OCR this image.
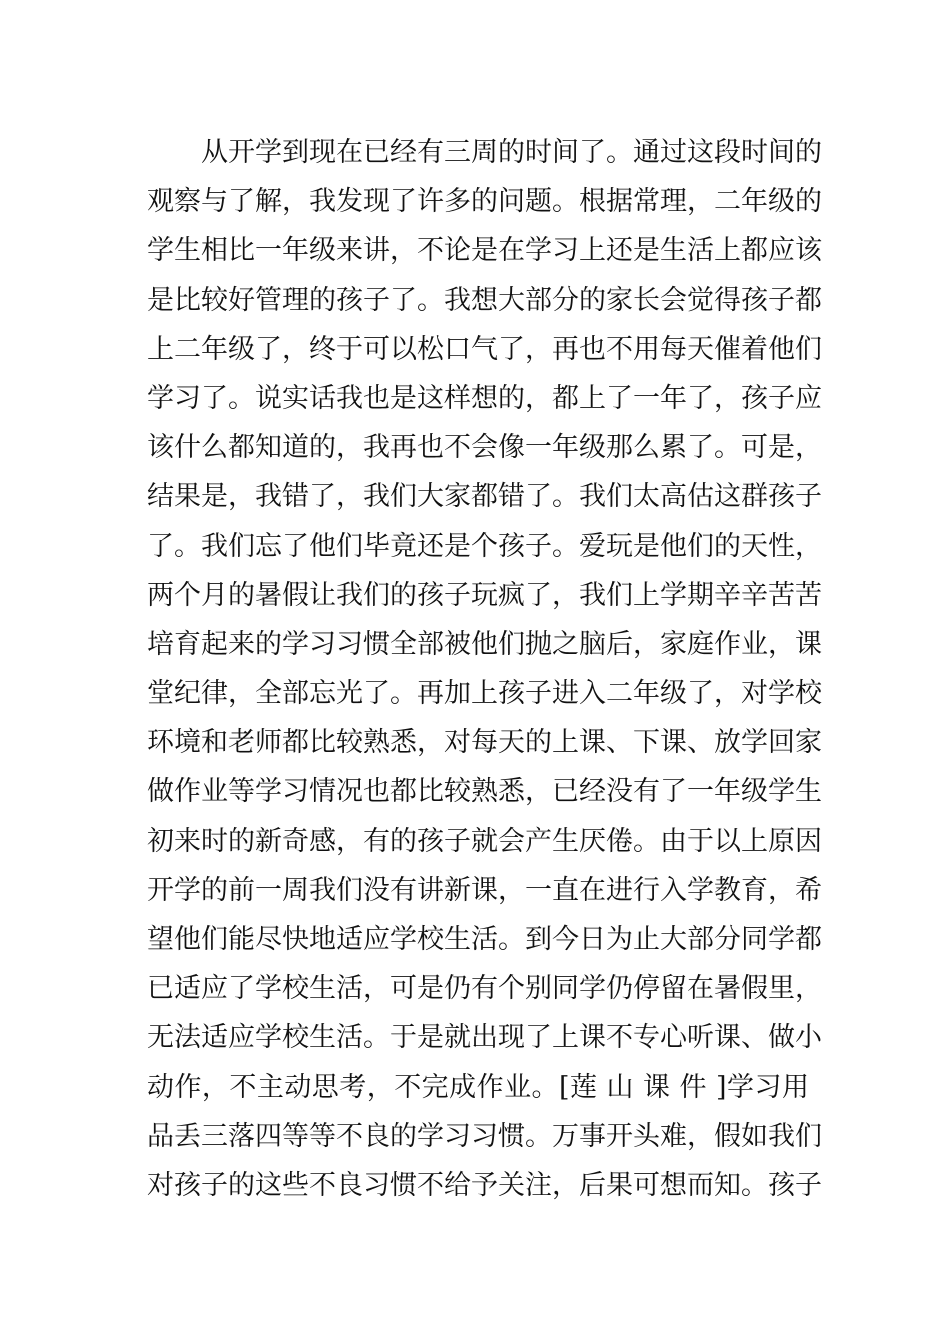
从开学到现在已经有三周的时间了。通过这段时间的
观察与了解，我发现了许多的问题。根据常理，二年级的
学生相比一年级来讲，不论是在学习上还是生活上都应该
是比较好管理的孩子了。我想大部分的家长会觉得孩子都
上二年级了，终于可以松口气了，再也不用每天催着他们
学习了。说实话我也是这样想的，都上了一年了，孩子应
该什么都知道的，我再也不会像一年级那么累了。可是，
结果是，我错了，我们大家都错了。我们太高估这群孩子
了。我们忘了他们毕竟还是个孩子。爱玩是他们的天性，
两个月的暑假让我们的孩子玩疯了，我们上学期辛辛苦苦
培育起来的学习习惯全部被他们抛之脑后，家庭作业，课
堂纪律，全部忘光了。再加上孩子进入二年级了，对学校
环境和老师都比较熟悉，对每天的上课、下课、放学回家
做作业等学习情况也都比较熟悉，已经没有了一年级学生
初来时的新奇感，有的孩子就会产生厌倦。由于以上原因
开学的前一周我们没有讲新课，一直在进行入学教育，希
望他们能尽快地适应学校生活。到今日为止大部分同学都
已适应了学校生活，可是仍有个别同学仍停留在暑假里，
无法适应学校生活。于是就出现了上课不专心听课、做小
动作，不主动思考，不完成作业。[莲 山 课 件 ]学习用
品丢三落四等等不良的学习习惯。万事开头难，假如我们
对孩子的这些不良习惯不给予关注，后果可想而知。孩子
